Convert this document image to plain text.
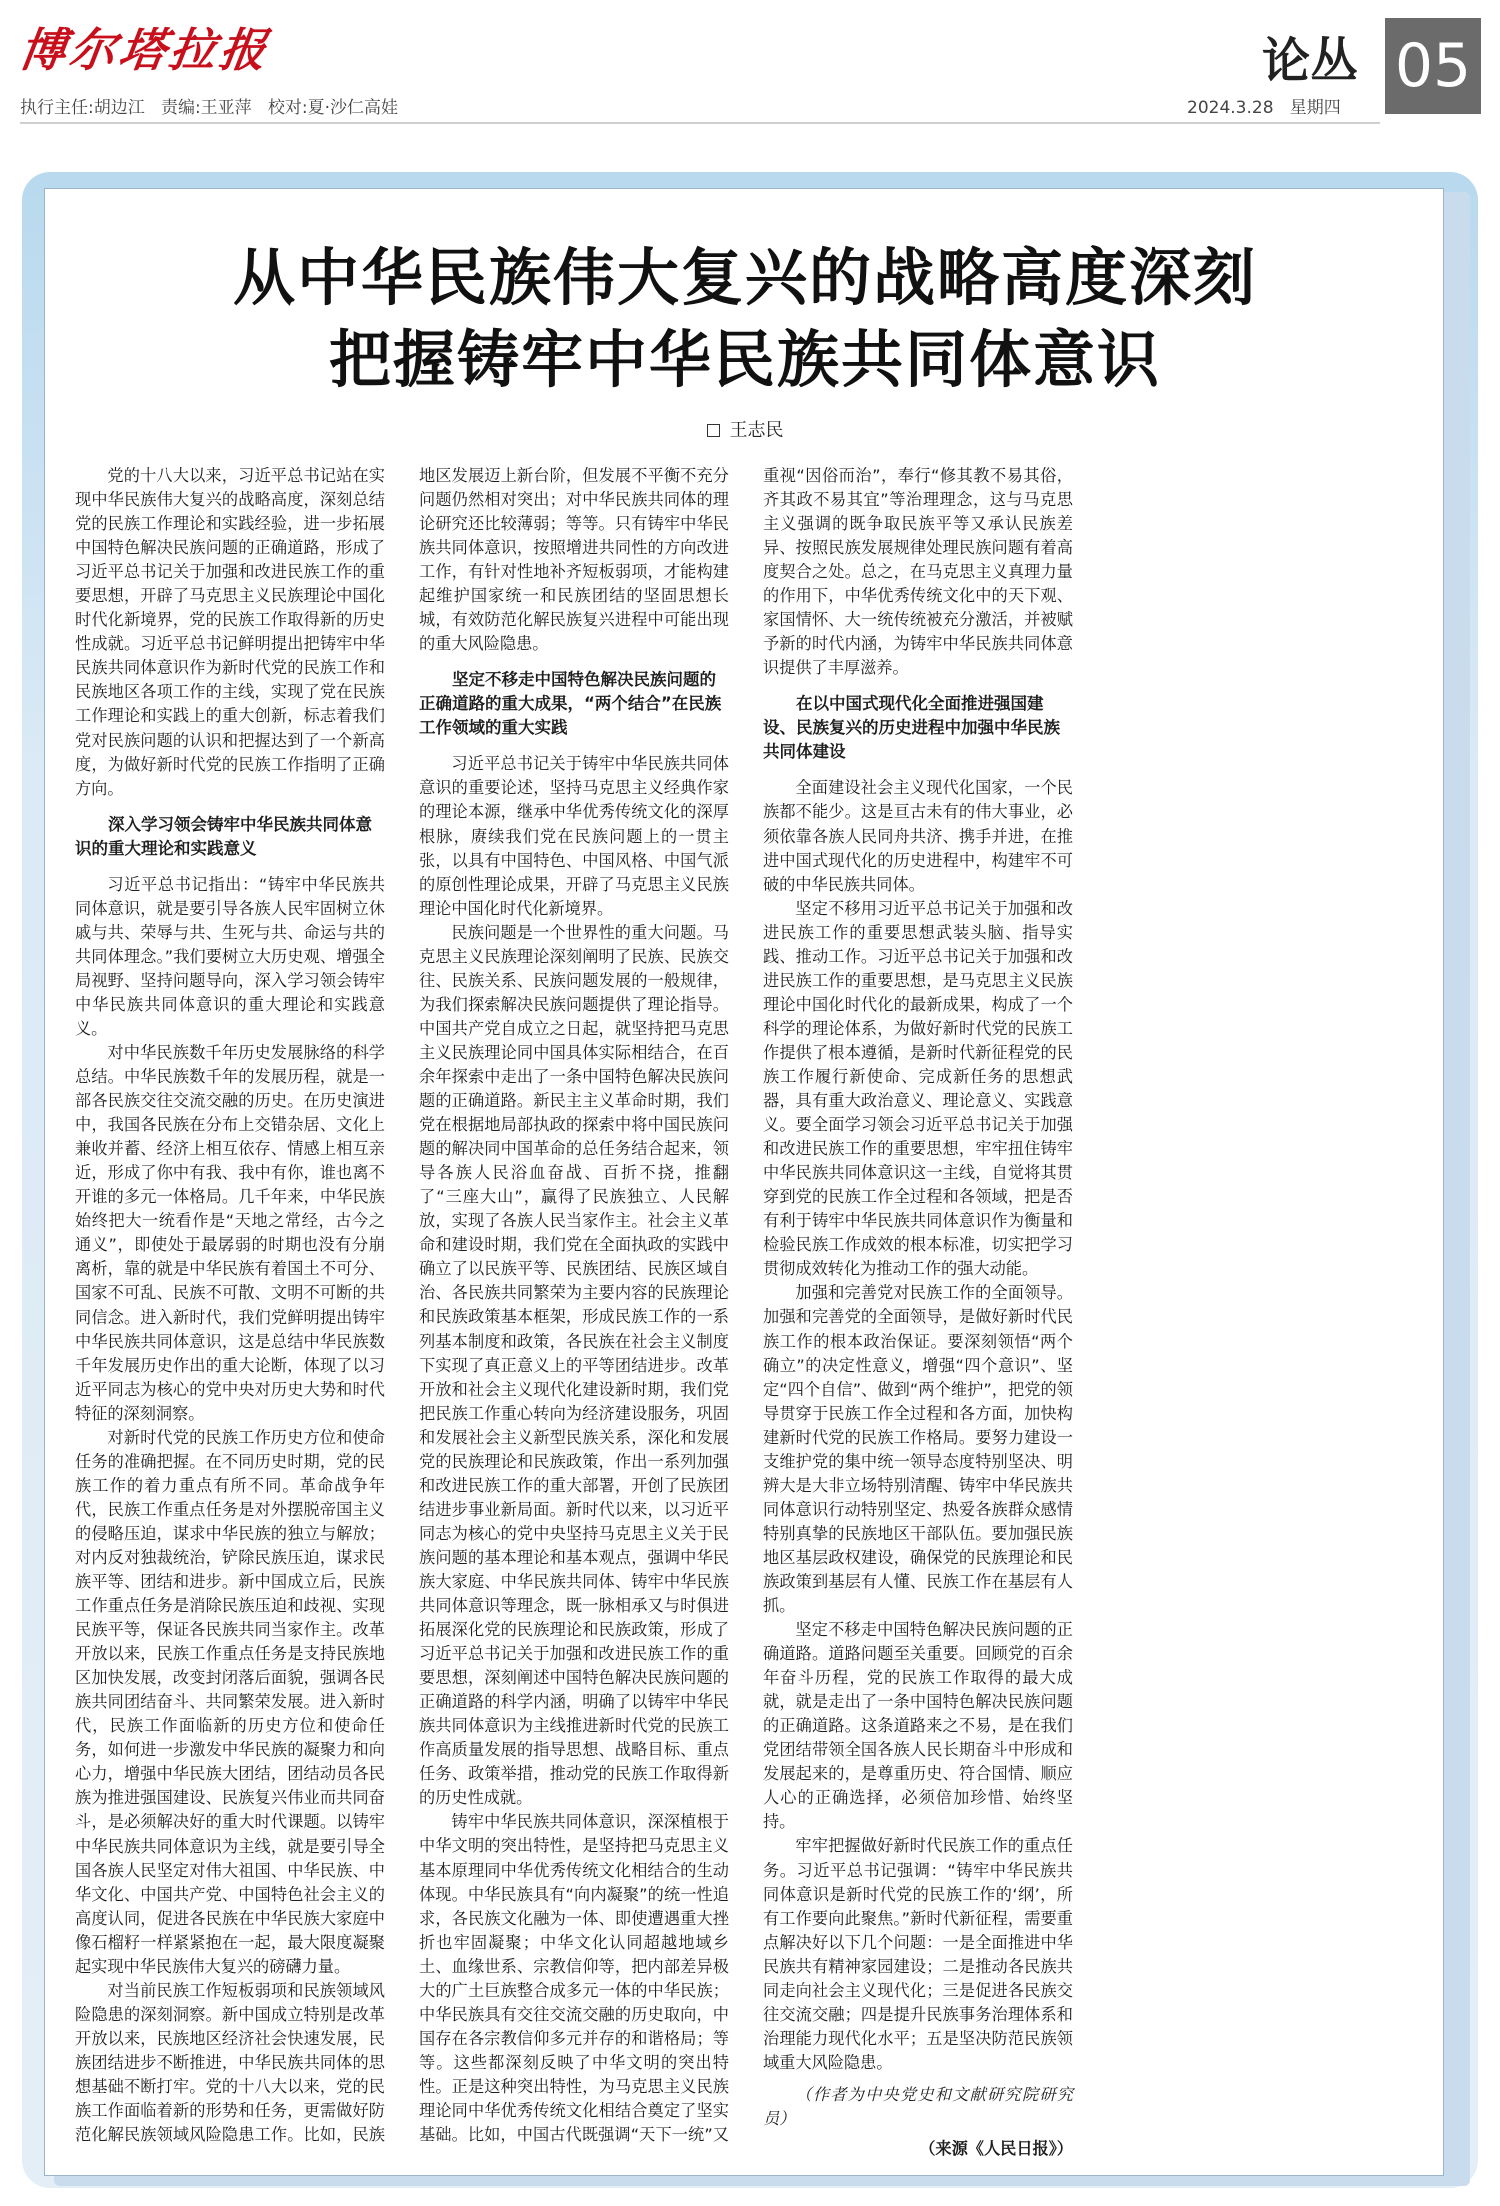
博尔塔拉报	论丛 05
执行主任:胡边江   责编:王亚萍   校对:夏·沙仁高娃	2024.3.28   星期四
从中华民族伟大复兴的战略高度深刻
把握铸牢中华民族共同体意识
王志民

党的十八大以来，习近平总书记站在实现中华民族伟大复兴的战略高度，深刻总结党的民族工作理论和实践经验，进一步拓展中国特色解决民族问题的正确道路，形成了习近平总书记关于加强和改进民族工作的重要思想，开辟了马克思主义民族理论中国化时代化新境界，党的民族工作取得新的历史性成就。习近平总书记鲜明提出把铸牢中华民族共同体意识作为新时代党的民族工作和民族地区各项工作的主线，实现了党在民族工作理论和实践上的重大创新，标志着我们党对民族问题的认识和把握达到了一个新高度，为做好新时代党的民族工作指明了正确方向。

深入学习领会铸牢中华民族共同体意识的重大理论和实践意义

习近平总书记指出：“铸牢中华民族共同体意识，就是要引导各族人民牢固树立休戚与共、荣辱与共、生死与共、命运与共的共同体理念。”我们要树立大历史观、增强全局视野、坚持问题导向，深入学习领会铸牢中华民族共同体意识的重大理论和实践意义。

对中华民族数千年历史发展脉络的科学总结。中华民族数千年的发展历程，就是一部各民族交往交流交融的历史。在历史演进中，我国各民族在分布上交错杂居、文化上兼收并蓄、经济上相互依存、情感上相互亲近，形成了你中有我、我中有你，谁也离不开谁的多元一体格局。几千年来，中华民族始终把大一统看作是“天地之常经，古今之通义”，即使处于最孱弱的时期也没有分崩离析，靠的就是中华民族有着国土不可分、国家不可乱、民族不可散、文明不可断的共同信念。进入新时代，我们党鲜明提出铸牢中华民族共同体意识，这是总结中华民族数千年发展历史作出的重大论断，体现了以习近平同志为核心的党中央对历史大势和时代特征的深刻洞察。

对新时代党的民族工作历史方位和使命任务的准确把握。在不同历史时期，党的民族工作的着力重点有所不同。革命战争年代，民族工作重点任务是对外摆脱帝国主义的侵略压迫，谋求中华民族的独立与解放；对内反对独裁统治，铲除民族压迫，谋求民族平等、团结和进步。新中国成立后，民族工作重点任务是消除民族压迫和歧视、实现民族平等，保证各民族共同当家作主。改革开放以来，民族工作重点任务是支持民族地区加快发展，改变封闭落后面貌，强调各民族共同团结奋斗、共同繁荣发展。进入新时代，民族工作面临新的历史方位和使命任务，如何进一步激发中华民族的凝聚力和向心力，增强中华民族大团结，团结动员各民族为推进强国建设、民族复兴伟业而共同奋斗，是必须解决好的重大时代课题。以铸牢中华民族共同体意识为主线，就是要引导全国各族人民坚定对伟大祖国、中华民族、中华文化、中国共产党、中国特色社会主义的高度认同，促进各民族在中华民族大家庭中像石榴籽一样紧紧抱在一起，最大限度凝聚起实现中华民族伟大复兴的磅礴力量。

对当前民族工作短板弱项和民族领域风险隐患的深刻洞察。新中国成立特别是改革开放以来，民族地区经济社会快速发展，民族团结进步不断推进，中华民族共同体的思想基础不断打牢。党的十八大以来，党的民族工作面临着新的形势和任务，更需做好防范化解民族领域风险隐患工作。比如，民族地区发展迈上新台阶，但发展不平衡不充分问题仍然相对突出；对中华民族共同体的理论研究还比较薄弱；等等。只有铸牢中华民族共同体意识，按照增进共同性的方向改进工作，有针对性地补齐短板弱项，才能构建起维护国家统一和民族团结的坚固思想长城，有效防范化解民族复兴进程中可能出现的重大风险隐患。

坚定不移走中国特色解决民族问题的正确道路的重大成果，“两个结合”在民族工作领域的重大实践

习近平总书记关于铸牢中华民族共同体意识的重要论述，坚持马克思主义经典作家的理论本源，继承中华优秀传统文化的深厚根脉，赓续我们党在民族问题上的一贯主张，以具有中国特色、中国风格、中国气派的原创性理论成果，开辟了马克思主义民族理论中国化时代化新境界。

民族问题是一个世界性的重大问题。马克思主义民族理论深刻阐明了民族、民族交往、民族关系、民族问题发展的一般规律，为我们探索解决民族问题提供了理论指导。中国共产党自成立之日起，就坚持把马克思主义民族理论同中国具体实际相结合，在百余年探索中走出了一条中国特色解决民族问题的正确道路。新民主主义革命时期，我们党在根据地局部执政的探索中将中国民族问题的解决同中国革命的总任务结合起来，领导各族人民浴血奋战、百折不挠，推翻了“三座大山”，赢得了民族独立、人民解放，实现了各族人民当家作主。社会主义革命和建设时期，我们党在全面执政的实践中确立了以民族平等、民族团结、民族区域自治、各民族共同繁荣为主要内容的民族理论和民族政策基本框架，形成民族工作的一系列基本制度和政策，各民族在社会主义制度下实现了真正意义上的平等团结进步。改革开放和社会主义现代化建设新时期，我们党把民族工作重心转向为经济建设服务，巩固和发展社会主义新型民族关系，深化和发展党的民族理论和民族政策，作出一系列加强和改进民族工作的重大部署，开创了民族团结进步事业新局面。新时代以来，以习近平同志为核心的党中央坚持马克思主义关于民族问题的基本理论和基本观点，强调中华民族大家庭、中华民族共同体、铸牢中华民族共同体意识等理念，既一脉相承又与时俱进拓展深化党的民族理论和民族政策，形成了习近平总书记关于加强和改进民族工作的重要思想，深刻阐述中国特色解决民族问题的正确道路的科学内涵，明确了以铸牢中华民族共同体意识为主线推进新时代党的民族工作高质量发展的指导思想、战略目标、重点任务、政策举措，推动党的民族工作取得新的历史性成就。

铸牢中华民族共同体意识，深深植根于中华文明的突出特性，是坚持把马克思主义基本原理同中华优秀传统文化相结合的生动体现。中华民族具有“向内凝聚”的统一性追求，各民族文化融为一体、即使遭遇重大挫折也牢固凝聚；中华文化认同超越地域乡土、血缘世系、宗教信仰等，把内部差异极大的广土巨族整合成多元一体的中华民族；中华民族具有交往交流交融的历史取向，中国存在各宗教信仰多元并存的和谐格局；等等。这些都深刻反映了中华文明的突出特性。正是这种突出特性，为马克思主义民族理论同中华优秀传统文化相结合奠定了坚实基础。比如，中国古代既强调“天下一统”又重视“因俗而治”，奉行“修其教不易其俗，齐其政不易其宜”等治理理念，这与马克思主义强调的既争取民族平等又承认民族差异、按照民族发展规律处理民族问题有着高度契合之处。总之，在马克思主义真理力量的作用下，中华优秀传统文化中的天下观、家国情怀、大一统传统被充分激活，并被赋予新的时代内涵，为铸牢中华民族共同体意识提供了丰厚滋养。

在以中国式现代化全面推进强国建设、民族复兴的历史进程中加强中华民族共同体建设

全面建设社会主义现代化国家，一个民族都不能少。这是亘古未有的伟大事业，必须依靠各族人民同舟共济、携手并进，在推进中国式现代化的历史进程中，构建牢不可破的中华民族共同体。

坚定不移用习近平总书记关于加强和改进民族工作的重要思想武装头脑、指导实践、推动工作。习近平总书记关于加强和改进民族工作的重要思想，是马克思主义民族理论中国化时代化的最新成果，构成了一个科学的理论体系，为做好新时代党的民族工作提供了根本遵循，是新时代新征程党的民族工作履行新使命、完成新任务的思想武器，具有重大政治意义、理论意义、实践意义。要全面学习领会习近平总书记关于加强和改进民族工作的重要思想，牢牢扭住铸牢中华民族共同体意识这一主线，自觉将其贯穿到党的民族工作全过程和各领域，把是否有利于铸牢中华民族共同体意识作为衡量和检验民族工作成效的根本标准，切实把学习贯彻成效转化为推动工作的强大动能。

加强和完善党对民族工作的全面领导。加强和完善党的全面领导，是做好新时代民族工作的根本政治保证。要深刻领悟“两个确立”的决定性意义，增强“四个意识”、坚定“四个自信”、做到“两个维护”，把党的领导贯穿于民族工作全过程和各方面，加快构建新时代党的民族工作格局。要努力建设一支维护党的集中统一领导态度特别坚决、明辨大是大非立场特别清醒、铸牢中华民族共同体意识行动特别坚定、热爱各族群众感情特别真挚的民族地区干部队伍。要加强民族地区基层政权建设，确保党的民族理论和民族政策到基层有人懂、民族工作在基层有人抓。

坚定不移走中国特色解决民族问题的正确道路。道路问题至关重要。回顾党的百余年奋斗历程，党的民族工作取得的最大成就，就是走出了一条中国特色解决民族问题的正确道路。这条道路来之不易，是在我们党团结带领全国各族人民长期奋斗中形成和发展起来的，是尊重历史、符合国情、顺应人心的正确选择，必须倍加珍惜、始终坚持。

牢牢把握做好新时代民族工作的重点任务。习近平总书记强调：“铸牢中华民族共同体意识是新时代党的民族工作的‘纲’，所有工作要向此聚焦。”新时代新征程，需要重点解决好以下几个问题：一是全面推进中华民族共有精神家园建设；二是推动各民族共同走向社会主义现代化；三是促进各民族交往交流交融；四是提升民族事务治理体系和治理能力现代化水平；五是坚决防范民族领域重大风险隐患。

（作者为中央党史和文献研究院研究员）

（来源《人民日报》）
